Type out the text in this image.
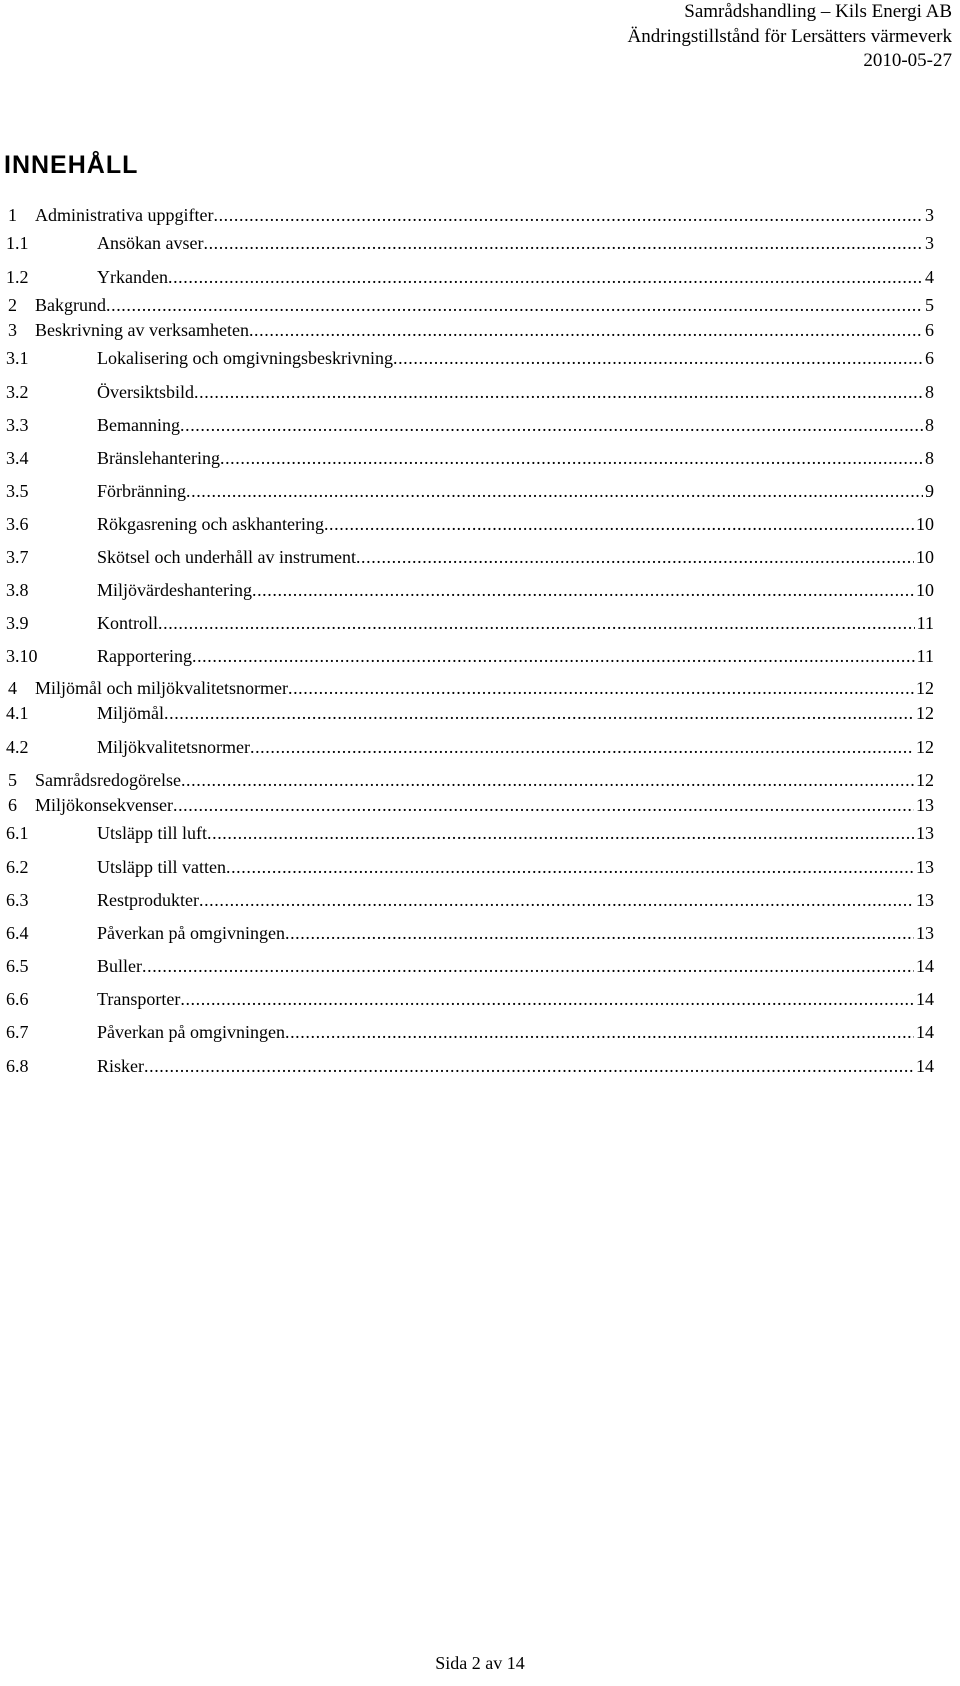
Samrådshandling – Kils Energi AB
Ändringstillstånd för Lersätters värmeverk
2010-05-27
INNEHÅLL
1 Administrativa uppgifter .....	3
1.1	Ansökan avser .....	3
1.2	Yrkanden .....	4
2 Bakgrund .....	5
3 Beskrivning av verksamheten .....	6
3.1	Lokalisering och omgivningsbeskrivning .....	6
3.2	Översiktsbild .....	8
3.3	Bemanning .....	8
3.4	Bränslehantering .....	8
3.5	Förbränning .....	9
3.6	Rökgasrening och askhantering .....	10
3.7	Skötsel och underhåll av instrument .....	10
3.8	Miljövärdeshantering .....	10
3.9	Kontroll .....	11
3.10	Rapportering .....	11
4 Miljömål och miljökvalitetsnormer .....	12
4.1	Miljömål .....	12
4.2	Miljökvalitetsnormer .....	12
5 Samrådsredogörelse .....	12
6 Miljökonsekvenser .....	13
6.1	Utsläpp till luft .....	13
6.2	Utsläpp till vatten .....	13
6.3	Restprodukter .....	13
6.4	Påverkan på omgivningen .....	13
6.5	Buller .....	14
6.6	Transporter .....	14
6.7	Påverkan på omgivningen .....	14
6.8	Risker .....	14
Sida 2 av 14
